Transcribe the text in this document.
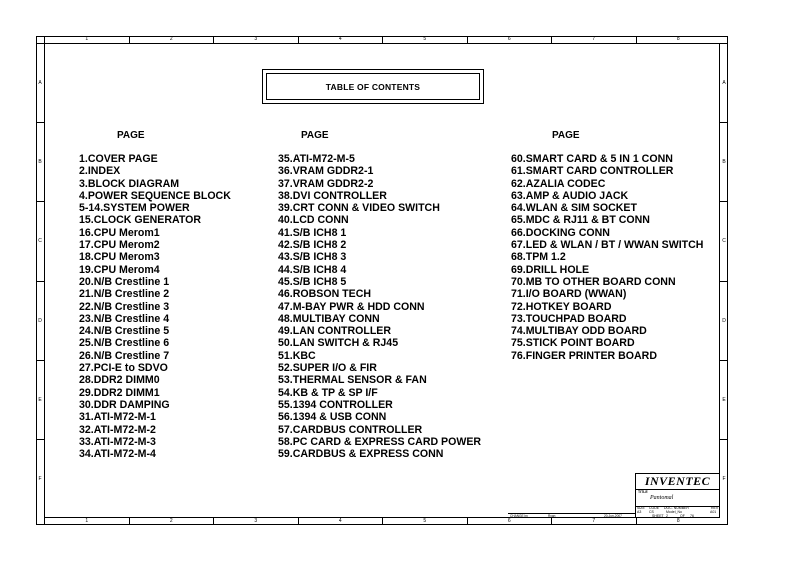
1	2	3	4	5	6	7	8
1	2	3	4	5	6	7	8
A
B
C
D
E
F
A
B
C
D
E
F
TABLE OF CONTENTS
PAGE	PAGE	PAGE
1.COVER PAGE
2.INDEX
3.BLOCK DIAGRAM
4.POWER SEQUENCE BLOCK
5-14.SYSTEM POWER
15.CLOCK GENERATOR
16.CPU Merom1
17.CPU Merom2
18.CPU Merom3
19.CPU Merom4
20.N/B Crestline 1
21.N/B Crestline 2
22.N/B Crestline 3
23.N/B Crestline 4
24.N/B Crestline 5
25.N/B Crestline 6
26.N/B Crestline 7
27.PCI-E to SDVO
28.DDR2 DIMM0
29.DDR2 DIMM1
30.DDR DAMPING
31.ATI-M72-M-1
32.ATI-M72-M-2
33.ATI-M72-M-3
34.ATI-M72-M-4
35.ATI-M72-M-5
36.VRAM GDDR2-1
37.VRAM GDDR2-2
38.DVI CONTROLLER
39.CRT CONN & VIDEO SWITCH
40.LCD CONN
41.S/B ICH8 1
42.S/B ICH8 2
43.S/B ICH8 3
44.S/B ICH8 4
45.S/B ICH8 5
46.ROBSON TECH
47.M-BAY PWR & HDD CONN
48.MULTIBAY CONN
49.LAN CONTROLLER
50.LAN SWITCH & RJ45
51.KBC
52.SUPER I/O & FIR
53.THERMAL SENSOR & FAN
54.KB & TP & SP I/F
55.1394 CONTROLLER
56.1394 & USB CONN
57.CARDBUS CONTROLLER
58.PC CARD & EXPRESS CARD POWER
59.CARDBUS & EXPRESS CONN
60.SMART CARD & 5 IN 1 CONN
61.SMART CARD CONTROLLER
62.AZALIA CODEC
63.AMP & AUDIO JACK
64.WLAN & SIM SOCKET
65.MDC & RJ11 & BT CONN
66.DOCKING CONN
67.LED & WLAN / BT / WWAN SWITCH
68.TPM 1.2
69.DRILL HOLE
70.MB TO OTHER BOARD CONN
71.I/O BOARD (WWAN)
72.HOTKEY BOARD
73.TOUCHPAD BOARD
74.MULTIBAY ODD BOARD
75.STICK POINT BOARD
76.FINGER PRINTER BOARD
CHANGE by	Ryan	20-Jun-2007
INVENTEC
TITLE
Pantomal
SIZE
A3
CODE
CS
DOC. NUMBER
Model_No
REV
A01
SHEET 2	OF 76
